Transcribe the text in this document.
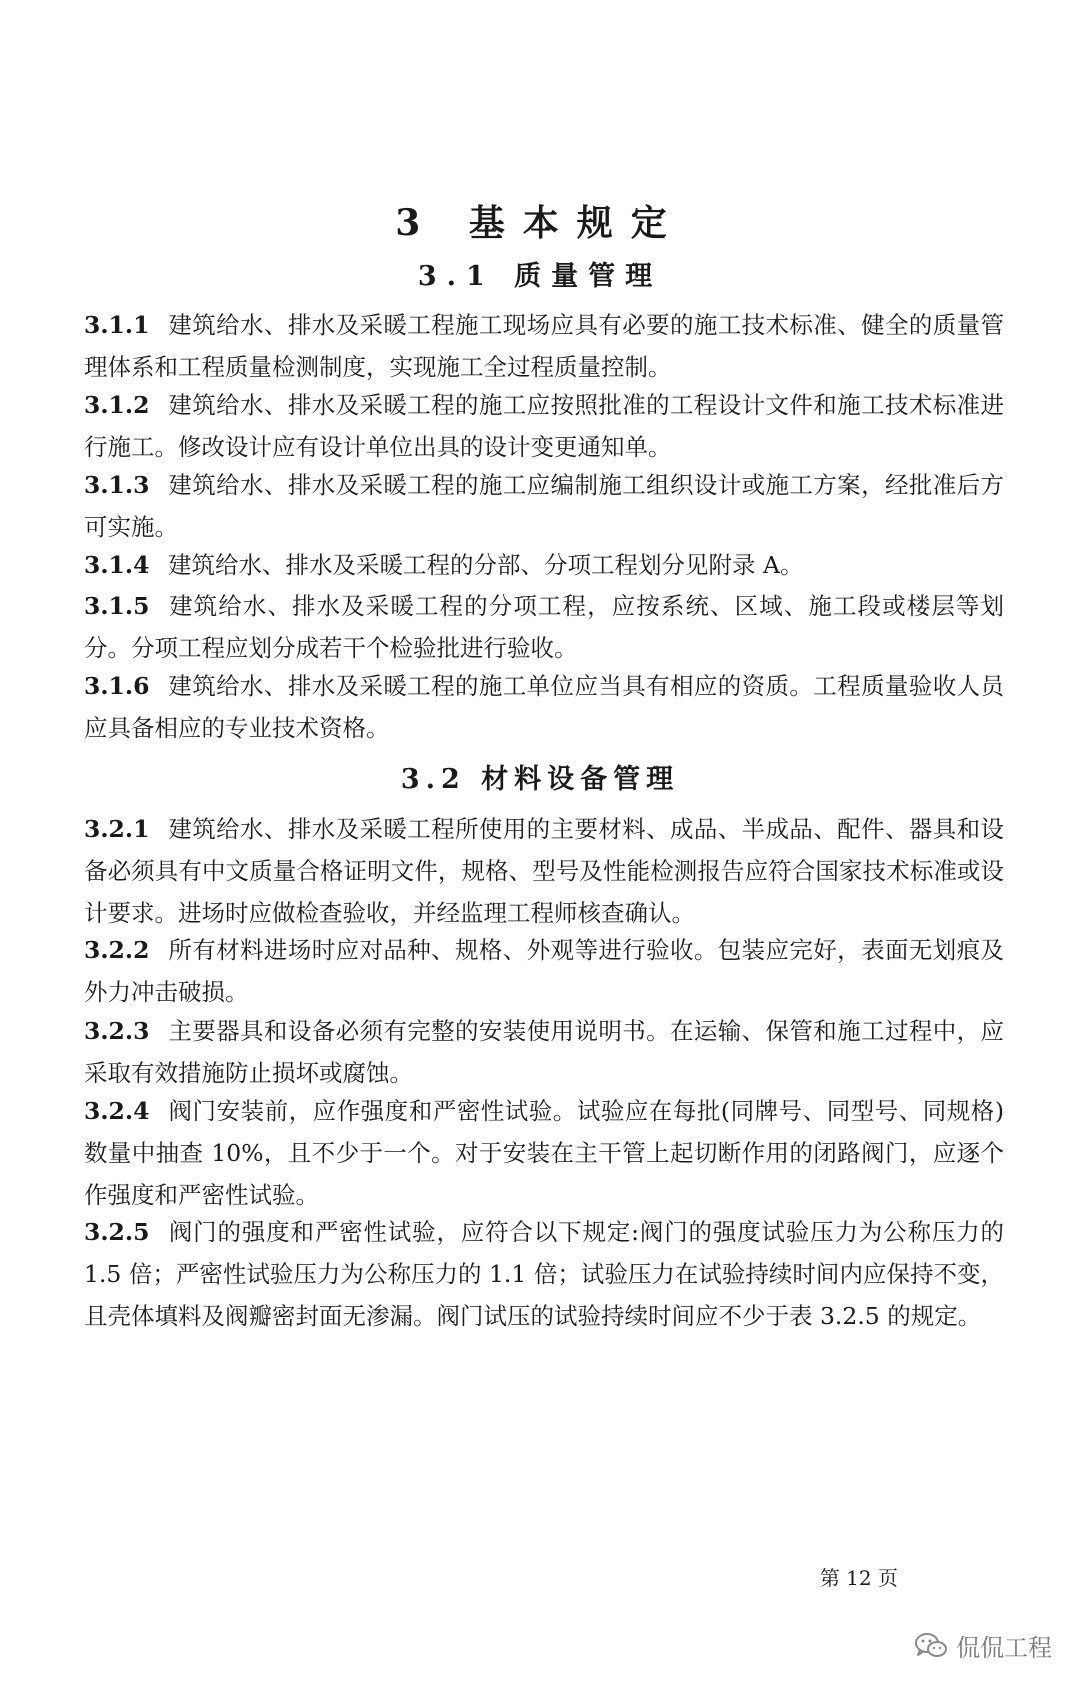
3 基本规定
3.1 质量管理

3.1.1 建筑给水、排水及采暖工程施工现场应具有必要的施工技术标准、健全的质量管理体系和工程质量检测制度，实现施工全过程质量控制。

3.1.2 建筑给水、排水及采暖工程的施工应按照批准的工程设计文件和施工技术标准进行施工。修改设计应有设计单位出具的设计变更通知单。

3.1.3 建筑给水、排水及采暖工程的施工应编制施工组织设计或施工方案，经批准后方可实施。

3.1.4 建筑给水、排水及采暖工程的分部、分项工程划分见附录 A。

3.1.5 建筑给水、排水及采暖工程的分项工程，应按系统、区域、施工段或楼层等划分。分项工程应划分成若干个检验批进行验收。

3.1.6 建筑给水、排水及采暖工程的施工单位应当具有相应的资质。工程质量验收人员应具备相应的专业技术资格。

3.2 材料设备管理

3.2.1 建筑给水、排水及采暖工程所使用的主要材料、成品、半成品、配件、器具和设备必须具有中文质量合格证明文件，规格、型号及性能检测报告应符合国家技术标准或设计要求。进场时应做检查验收，并经监理工程师核查确认。

3.2.2 所有材料进场时应对品种、规格、外观等进行验收。包装应完好，表面无划痕及外力冲击破损。

3.2.3 主要器具和设备必须有完整的安装使用说明书。在运输、保管和施工过程中，应采取有效措施防止损坏或腐蚀。

3.2.4 阀门安装前，应作强度和严密性试验。试验应在每批(同牌号、同型号、同规格)数量中抽查 10%，且不少于一个。对于安装在主干管上起切断作用的闭路阀门，应逐个作强度和严密性试验。

3.2.5 阀门的强度和严密性试验，应符合以下规定:阀门的强度试验压力为公称压力的 1.5 倍；严密性试验压力为公称压力的 1.1 倍；试验压力在试验持续时间内应保持不变，且壳体填料及阀瓣密封面无渗漏。阀门试压的试验持续时间应不少于表 3.2.5 的规定。

第 12 页
侃侃工程
